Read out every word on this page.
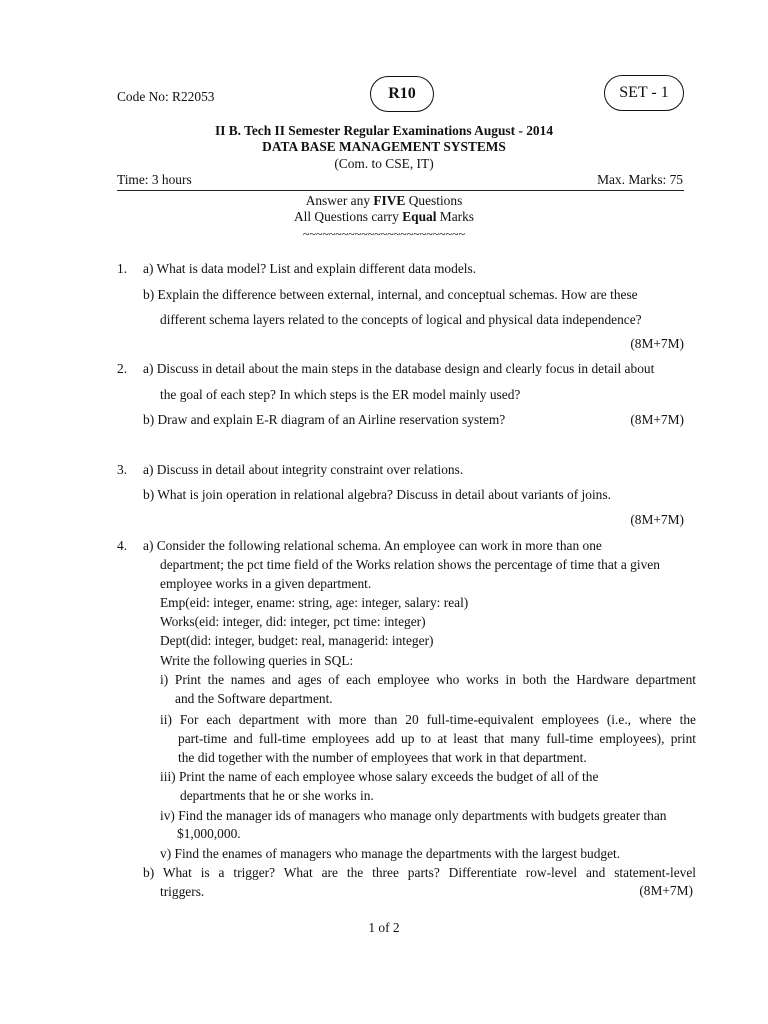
Code No: R22053	R10	SET - 1
II B. Tech II Semester Regular Examinations August - 2014
DATA BASE MANAGEMENT SYSTEMS
(Com. to CSE, IT)
Time: 3 hours	Max. Marks: 75
Answer any FIVE Questions
All Questions carry Equal Marks
~~~~~~~~~~~~~~~~~~~~~~~~~
1. a) What is data model? List and explain different data models.
b) Explain the difference between external, internal, and conceptual schemas. How are these
different schema layers related to the concepts of logical and physical data independence?
(8M+7M)
2. a) Discuss in detail about the main steps in the database design and clearly focus in detail about
the goal of each step? In which steps is the ER model mainly used?
b) Draw and explain E-R diagram of an Airline reservation system?	(8M+7M)
3. a) Discuss in detail about integrity constraint over relations.
b) What is join operation in relational algebra? Discuss in detail about variants of joins.
(8M+7M)
4. a) Consider the following relational schema. An employee can work in more than one
department; the pct time field of the Works relation shows the percentage of time that a given
employee works in a given department.
Emp(eid: integer, ename: string, age: integer, salary: real)
Works(eid: integer, did: integer, pct time: integer)
Dept(did: integer, budget: real, managerid: integer)
Write the following queries in SQL:
i) Print the names and ages of each employee who works in both the Hardware department
and the Software department.
ii) For each department with more than 20 full-time-equivalent employees (i.e., where the
part-time and full-time employees add up to at least that many full-time employees), print
the did together with the number of employees that work in that department.
iii) Print the name of each employee whose salary exceeds the budget of all of the
departments that he or she works in.
iv) Find the manager ids of managers who manage only departments with budgets greater than
$1,000,000.
v) Find the enames of managers who manage the departments with the largest budget.
b) What is a trigger? What are the three parts? Differentiate row-level and statement-level
triggers.	(8M+7M)
1 of 2
